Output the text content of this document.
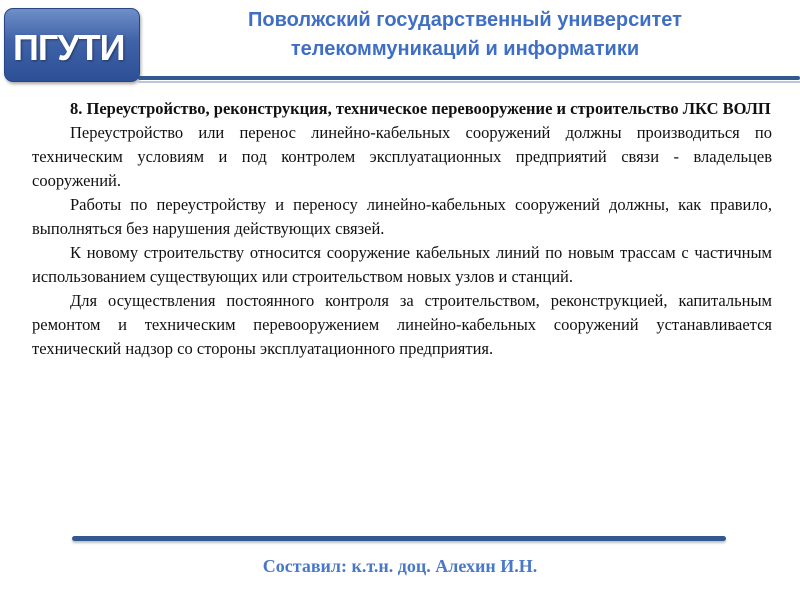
ПГУТИ
Поволжский государственный университет
телекоммуникаций и информатики

8. Переустройство, реконструкция, техническое перевооружение и строительство ЛКС ВОЛП

Переустройство или перенос линейно-кабельных сооружений должны производиться по техническим условиям и под контролем эксплуатационных предприятий связи - владельцев сооружений.

Работы по переустройству и переносу линейно-кабельных сооружений должны, как правило, выполняться без нарушения действующих связей.

К новому строительству относится сооружение кабельных линий по новым трассам с частичным использованием существующих или строительством новых узлов и станций.

Для осуществления постоянного контроля за строительством, реконструкцией, капитальным ремонтом и техническим перевооружением линейно-кабельных сооружений устанавливается технический надзор со стороны эксплуатационного предприятия.

Составил: к.т.н. доц. Алехин И.Н.
